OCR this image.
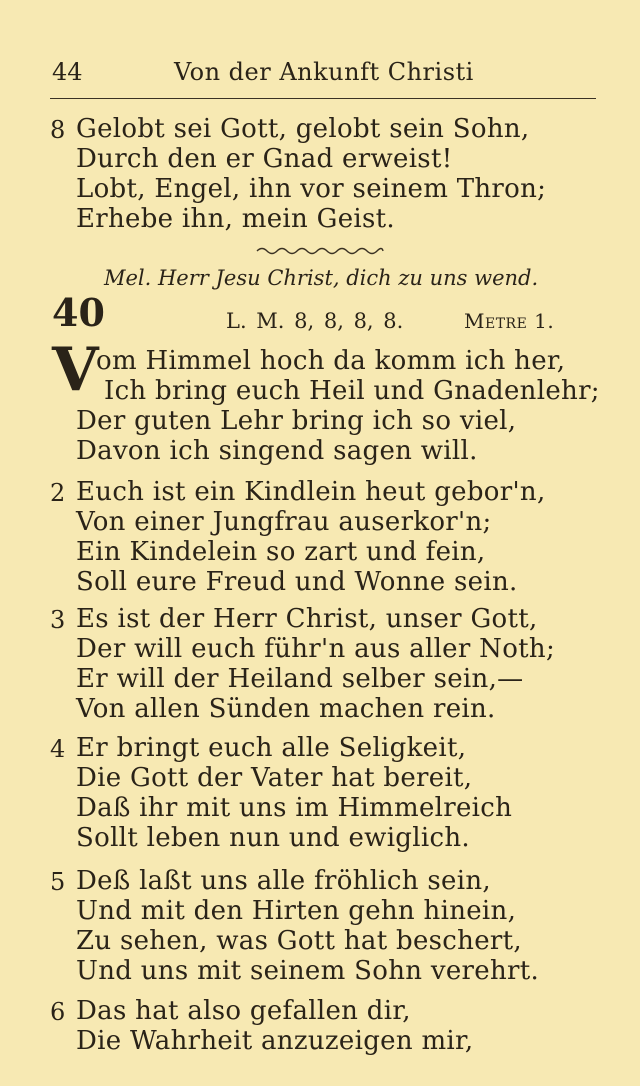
44	Von der Ankunft Christi
8 Gelobt sei Gott, gelobt sein Sohn,
Durch den er Gnad erweist!
Lobt, Engel, ihn vor seinem Thron;
Erhebe ihn, mein Geist.
Mel. Herr Jesu Christ, dich zu uns wend.
40	L. M. 8, 8, 8, 8.	Metre 1.
V
om Himmel hoch da komm ich her,
Ich bring euch Heil und Gnadenlehr;
Der guten Lehr bring ich so viel,
Davon ich singend sagen will.
2 Euch ist ein Kindlein heut gebor'n,
Von einer Jungfrau auserkor'n;
Ein Kindelein so zart und fein,
Soll eure Freud und Wonne sein.
3 Es ist der Herr Christ, unser Gott,
Der will euch führ'n aus aller Noth;
Er will der Heiland selber sein,—
Von allen Sünden machen rein.
4 Er bringt euch alle Seligkeit,
Die Gott der Vater hat bereit,
Daß ihr mit uns im Himmelreich
Sollt leben nun und ewiglich.
5 Deß laßt uns alle fröhlich sein,
Und mit den Hirten gehn hinein,
Zu sehen, was Gott hat beschert,
Und uns mit seinem Sohn verehrt.
6 Das hat also gefallen dir,
Die Wahrheit anzuzeigen mir,
